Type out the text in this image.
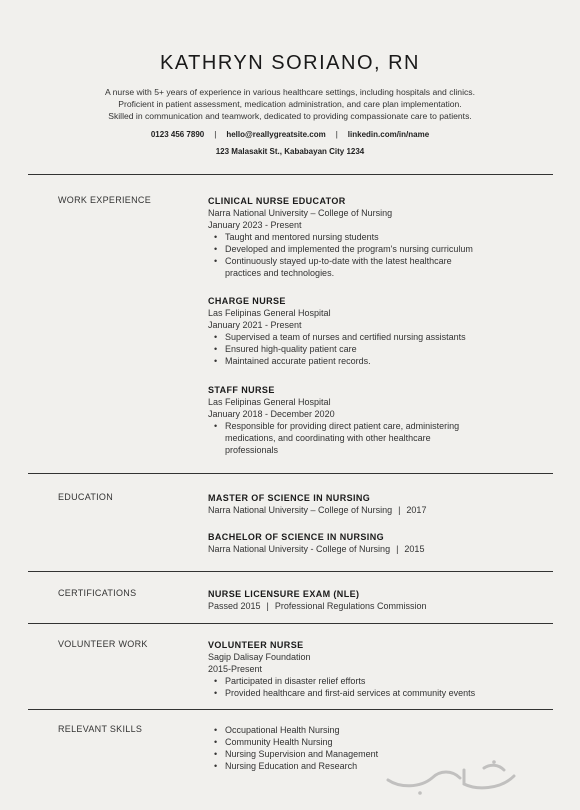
KATHRYN SORIANO, RN
A nurse with 5+ years of experience in various healthcare settings, including hospitals and clinics.
Proficient in patient assessment, medication administration, and care plan implementation.
Skilled in communication and teamwork, dedicated to providing compassionate care to patients.
0123 456 7890 | hello@reallygreatsite.com | linkedin.com/in/name
123 Malasakit St., Kababayan City 1234
WORK EXPERIENCE	CLINICAL NURSE EDUCATOR
Narra National University – College of Nursing
January 2023 - Present
• Taught and mentored nursing students
• Developed and implemented the program's nursing curriculum
• Continuously stayed up-to-date with the latest healthcare
practices and technologies.
CHARGE NURSE
Las Felipinas General Hospital
January 2021 - Present
• Supervised a team of nurses and certified nursing assistants
• Ensured high-quality patient care
• Maintained accurate patient records.
STAFF NURSE
Las Felipinas General Hospital
January 2018 - December 2020
• Responsible for providing direct patient care, administering
medications, and coordinating with other healthcare
professionals
EDUCATION	MASTER OF SCIENCE IN NURSING
Narra National University – College of Nursing | 2017
BACHELOR OF SCIENCE IN NURSING
Narra National University - College of Nursing | 2015
CERTIFICATIONS	NURSE LICENSURE EXAM (NLE)
Passed 2015 | Professional Regulations Commission
VOLUNTEER WORK	VOLUNTEER NURSE
Sagip Dalisay Foundation
2015-Present
• Participated in disaster relief efforts
• Provided healthcare and first-aid services at community events
RELEVANT SKILLS
•	Occupational Health Nursing
• Community Health Nursing
• Nursing Supervision and Management
• Nursing Education and Research
